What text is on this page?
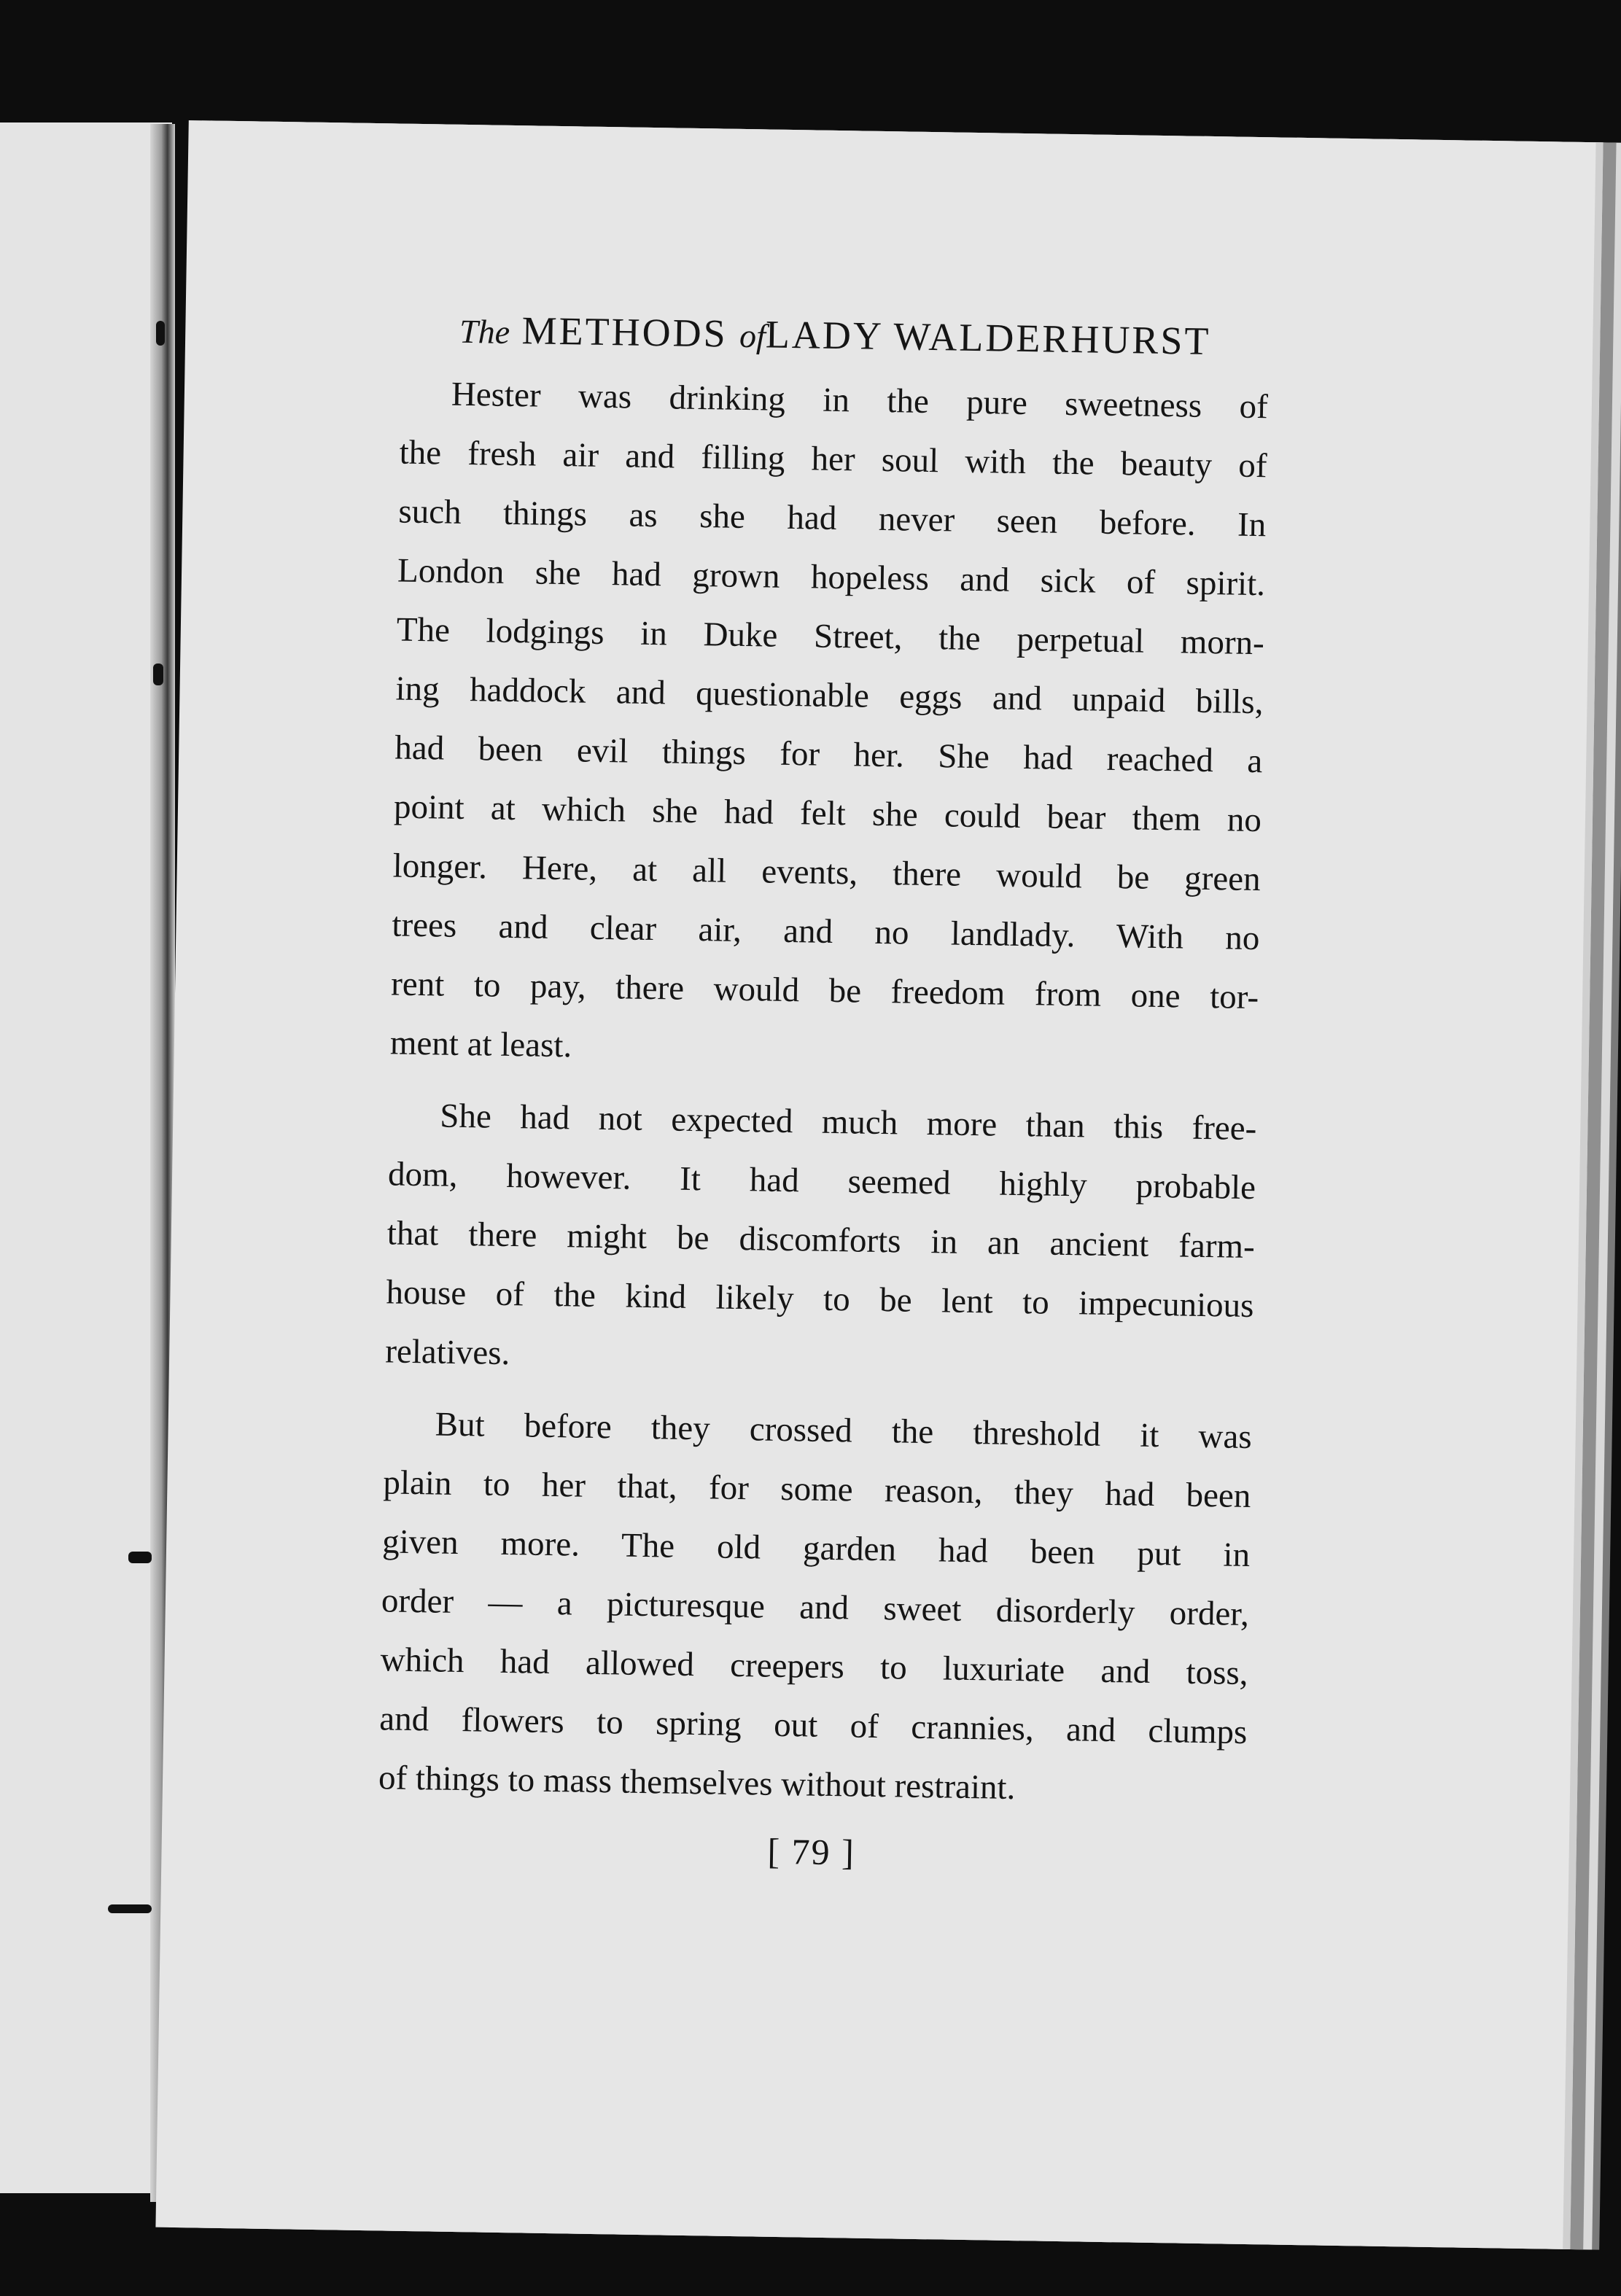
The METHODS ofLADY WALDERHURST
Hester was drinking in the pure sweetness of
the fresh air and filling her soul with the beauty of
such things as she had never seen before. In
London she had grown hopeless and sick of spirit.
The lodgings in Duke Street, the perpetual morn-
ing haddock and questionable eggs and unpaid bills,
had been evil things for her. She had reached a
point at which she had felt she could bear them no
longer. Here, at all events, there would be green
trees and clear air, and no landlady. With no
rent to pay, there would be freedom from one tor-
ment at least.
She had not expected much more than this free-
dom, however. It had seemed highly probable
that there might be discomforts in an ancient farm-
house of the kind likely to be lent to impecunious
relatives.
But before they crossed the threshold it was
plain to her that, for some reason, they had been
given more. The old garden had been put in
order — a picturesque and sweet disorderly order,
which had allowed creepers to luxuriate and toss,
and flowers to spring out of crannies, and clumps
of things to mass themselves without restraint.
[ 79 ]
